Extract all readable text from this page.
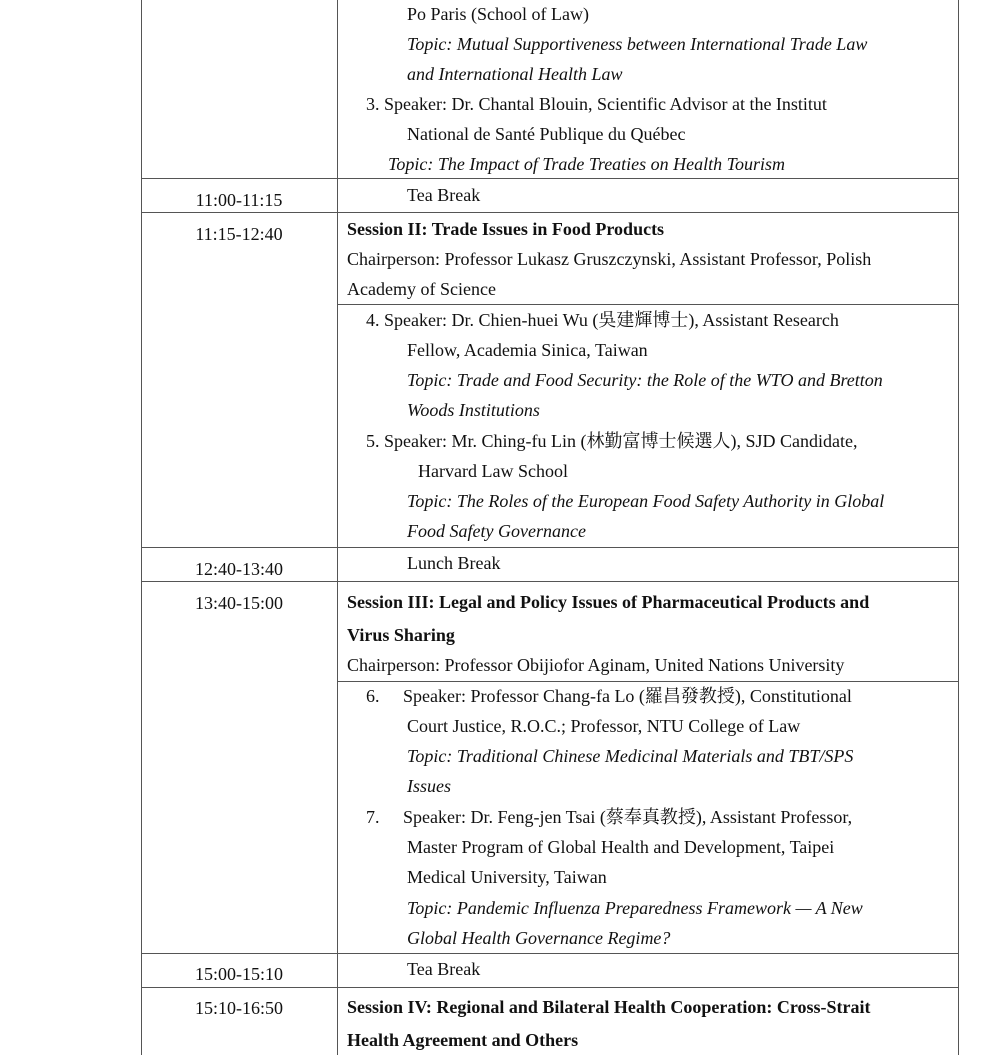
Po Paris (School of Law)
Topic: Mutual Supportiveness between International Trade Law
and International Health Law
3. Speaker: Dr. Chantal Blouin, Scientific Advisor at the Institut
National de Santé Publique du Québec
Topic: The Impact of Trade Treaties on Health Tourism
11:00-11:15	Tea Break
11:15-12:40	Session II: Trade Issues in Food Products
Chairperson: Professor Lukasz Gruszczynski, Assistant Professor, Polish
Academy of Science
4. Speaker: Dr. Chien-huei Wu (吳建輝博士), Assistant Research
Fellow, Academia Sinica, Taiwan
Topic: Trade and Food Security: the Role of the WTO and Bretton
Woods Institutions
5. Speaker: Mr. Ching-fu Lin (林勤富博士候選人), SJD Candidate,
Harvard Law School
Topic: The Roles of the European Food Safety Authority in Global
Food Safety Governance
12:40-13:40	Lunch Break
13:40-15:00	Session III: Legal and Policy Issues of Pharmaceutical Products and
Virus Sharing
Chairperson: Professor Obijiofor Aginam, United Nations University
6. Speaker: Professor Chang-fa Lo (羅昌發教授), Constitutional
Court Justice, R.O.C.; Professor, NTU College of Law
Topic: Traditional Chinese Medicinal Materials and TBT/SPS
Issues
7. Speaker: Dr. Feng-jen Tsai (蔡奉真教授), Assistant Professor,
Master Program of Global Health and Development, Taipei
Medical University, Taiwan
Topic: Pandemic Influenza Preparedness Framework — A New
Global Health Governance Regime?
15:00-15:10	Tea Break
15:10-16:50	Session IV: Regional and Bilateral Health Cooperation: Cross-Strait
Health Agreement and Others
